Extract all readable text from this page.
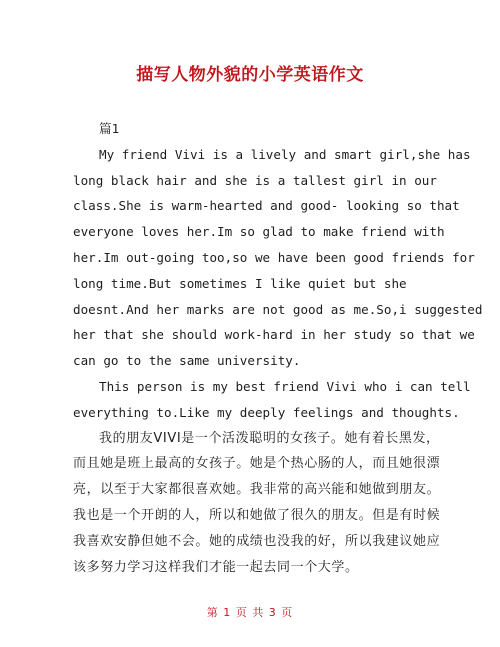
描写人物外貌的小学英语作文
篇1
My friend Vivi is a lively and smart girl,she has
long black hair and she is a tallest girl in our
class.She is warm-hearted and good- looking so that
everyone loves her.Im so glad to make friend with
her.Im out-going too,so we have been good friends for
long time.But sometimes I like quiet but she
doesnt.And her marks are not good as me.So,i suggested
her that she should work-hard in her study so that we
can go to the same university.
This person is my best friend Vivi who i can tell
everything to.Like my deeply feelings and thoughts.
我的朋友VIVI是一个活泼聪明的女孩子。她有着长黑发，
而且她是班上最高的女孩子。她是个热心肠的人，而且她很漂
亮，以至于大家都很喜欢她。我非常的高兴能和她做到朋友。
我也是一个开朗的人，所以和她做了很久的朋友。但是有时候
我喜欢安静但她不会。她的成绩也没我的好，所以我建议她应
该多努力学习这样我们才能一起去同一个大学。
第 1 页 共 3 页
